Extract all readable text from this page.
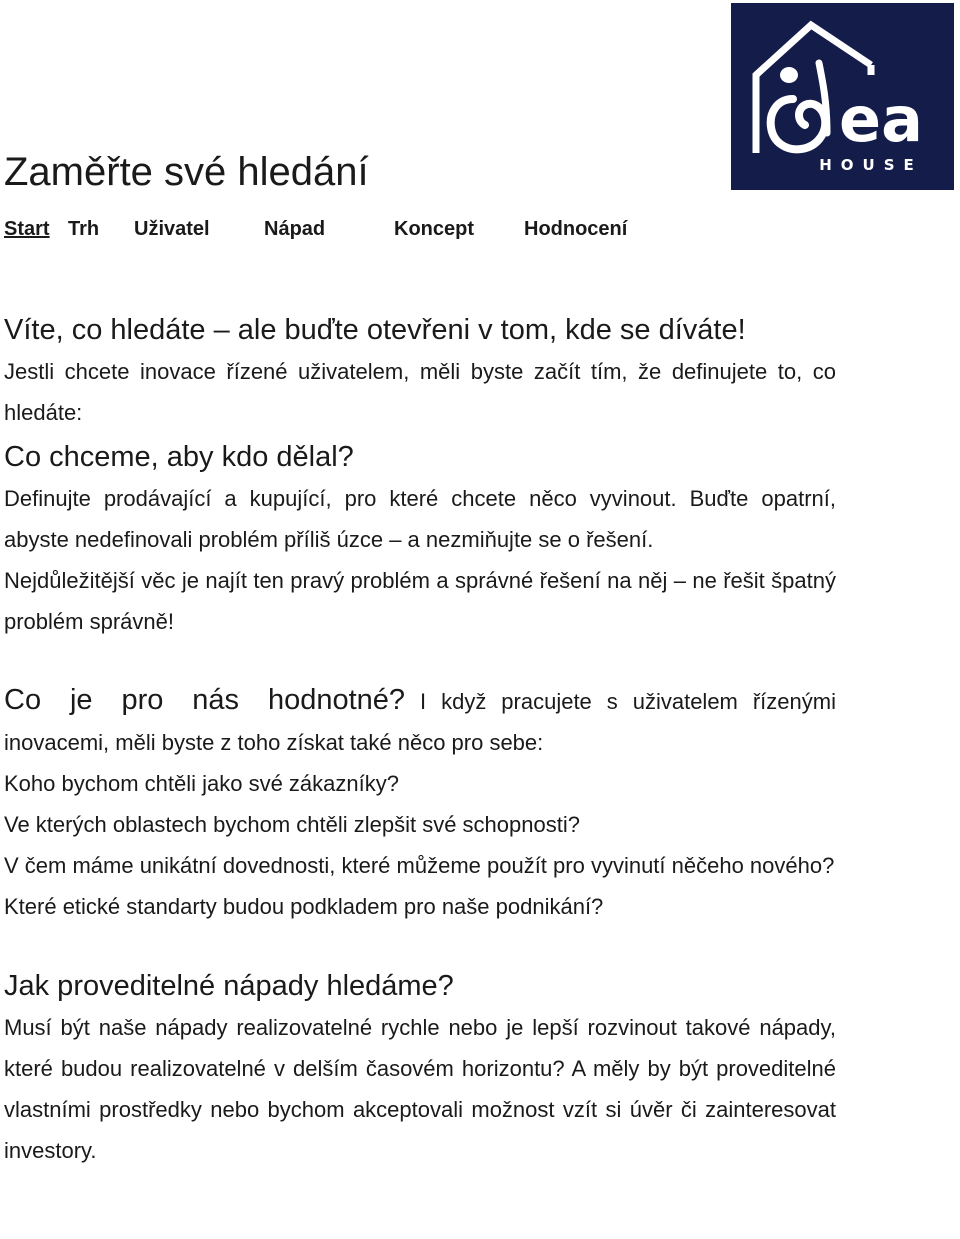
ea
HOUSE
Zaměřte své hledání
Start Trh Uživatel	Nápad	Koncept	Hodnocení

Víte, co hledáte – ale buďte otevřeni v tom, kde se díváte!

Jestli chcete inovace řízené uživatelem, měli byste začít tím, že definujete to, co hledáte:

Co chceme, aby kdo dělal?

Definujte prodávající a kupující, pro které chcete něco vyvinout. Buďte opatrní, abyste nedefinovali problém příliš úzce – a nezmiňujte se o řešení.

Nejdůležitější věc je najít ten pravý problém a správné řešení na něj – ne řešit špatný problém správně!

Co je pro nás hodnotné? I když pracujete s uživatelem řízenými inovacemi, měli byste z toho získat také něco pro sebe:

Koho bychom chtěli jako své zákazníky?

Ve kterých oblastech bychom chtěli zlepšit své schopnosti?

V čem máme unikátní dovednosti, které můžeme použít pro vyvinutí něčeho nového?

Které etické standarty budou podkladem pro naše podnikání?

Jak proveditelné nápady hledáme?

Musí být naše nápady realizovatelné rychle nebo je lepší rozvinout takové nápady, které budou realizovatelné v delším časovém horizontu? A měly by být proveditelné vlastními prostředky nebo bychom akceptovali možnost vzít si úvěr či zainteresovat investory.
